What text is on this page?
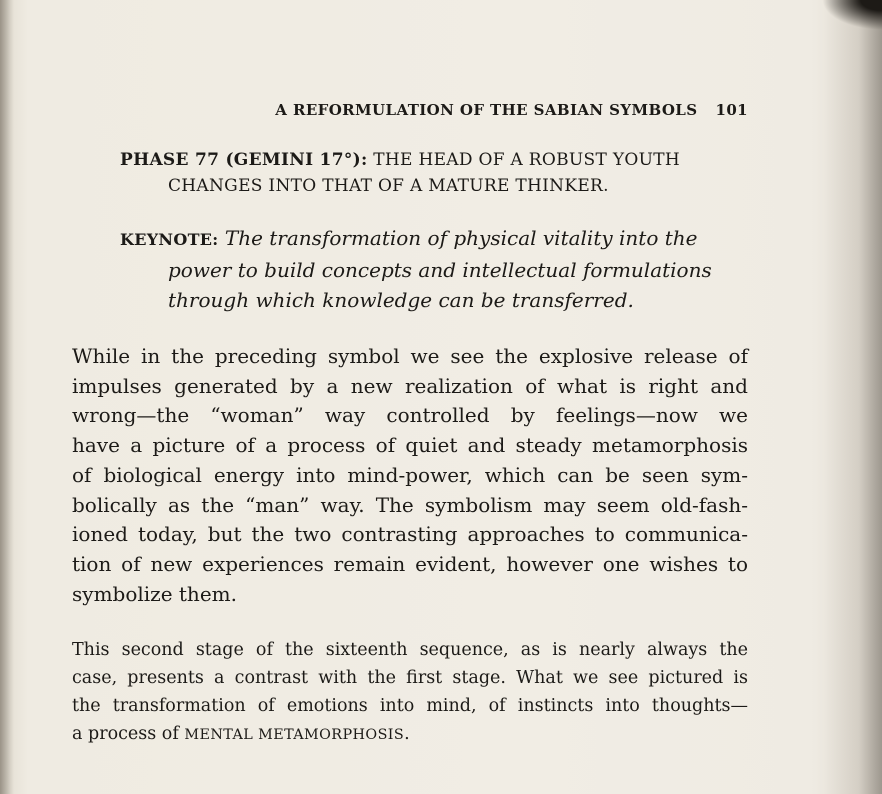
A REFORMULATION OF THE SABIAN SYMBOLS 101
PHASE 77 (GEMINI 17°): THE HEAD OF A ROBUST YOUTH
CHANGES INTO THAT OF A MATURE THINKER.
KEYNOTE: The transformation of physical vitality into the
power to build concepts and intellectual formulations
through which knowledge can be transferred.
While in the preceding symbol we see the explosive release of
impulses generated by a new realization of what is right and
wrong—the “woman” way controlled by feelings—now we
have a picture of a process of quiet and steady metamorphosis
of biological energy into mind-power, which can be seen sym-
bolically as the “man” way. The symbolism may seem old-fash-
ioned today, but the two contrasting approaches to communica-
tion of new experiences remain evident, however one wishes to
symbolize them.
This second stage of the sixteenth sequence, as is nearly always the
case, presents a contrast with the first stage. What we see pictured is
the transformation of emotions into mind, of instincts into thoughts—
a process of MENTAL METAMORPHOSIS.
